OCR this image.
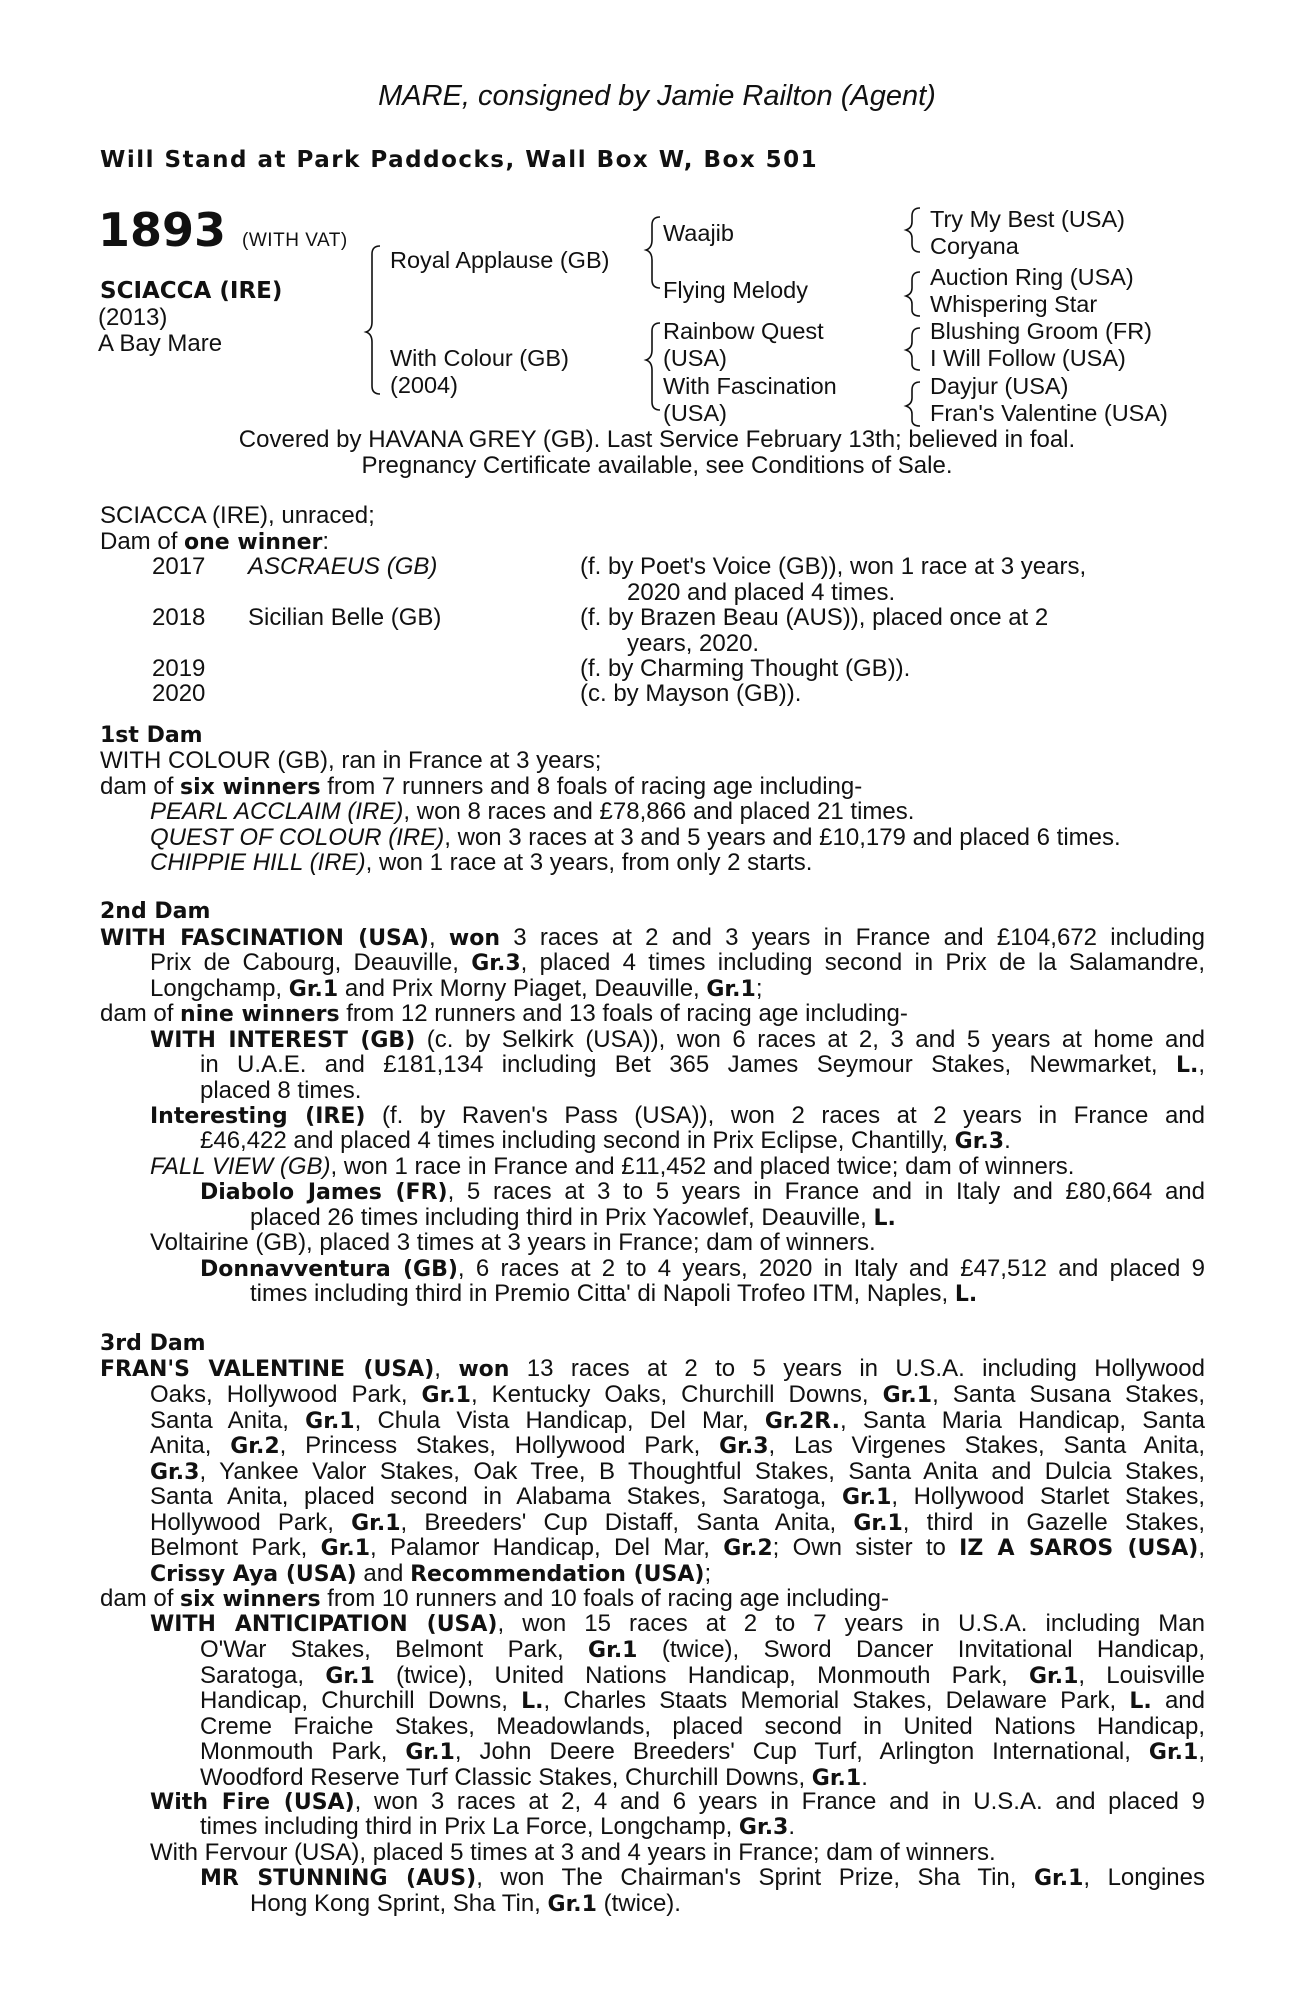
MARE, consigned by Jamie Railton (Agent)
Will Stand at Park Paddocks, Wall Box W, Box 501
1893 (WITH VAT)
SCIACCA (IRE)
(2013)
A Bay Mare
Royal Applause (GB)
With Colour (GB)
(2004)
Waajib
Flying Melody
Rainbow Quest
(USA)
With Fascination
(USA)
Try My Best (USA)
Coryana
Auction Ring (USA)
Whispering Star
Blushing Groom (FR)
I Will Follow (USA)
Dayjur (USA)
Fran's Valentine (USA)
Covered by HAVANA GREY (GB). Last Service February 13th; believed in foal.
Pregnancy Certificate available, see Conditions of Sale.
SCIACCA (IRE), unraced;
Dam of one winner:
2017 ASCRAEUS (GB)	(f. by Poet's Voice (GB)), won 1 race at 3 years,
2020 and placed 4 times.
2018 Sicilian Belle (GB)	(f. by Brazen Beau (AUS)), placed once at 2
years, 2020.
2019	(f. by Charming Thought (GB)).
2020	(c. by Mayson (GB)).
1st Dam
WITH COLOUR (GB), ran in France at 3 years;
dam of six winners from 7 runners and 8 foals of racing age including-
PEARL ACCLAIM (IRE), won 8 races and £78,866 and placed 21 times.
QUEST OF COLOUR (IRE), won 3 races at 3 and 5 years and £10,179 and placed 6 times.
CHIPPIE HILL (IRE), won 1 race at 3 years, from only 2 starts.
2nd Dam
WITH FASCINATION (USA), won 3 races at 2 and 3 years in France and £104,672 including
Prix de Cabourg, Deauville, Gr.3, placed 4 times including second in Prix de la Salamandre,
Longchamp, Gr.1 and Prix Morny Piaget, Deauville, Gr.1;
dam of nine winners from 12 runners and 13 foals of racing age including-
WITH INTEREST (GB) (c. by Selkirk (USA)), won 6 races at 2, 3 and 5 years at home and
in U.A.E. and £181,134 including Bet 365 James Seymour Stakes, Newmarket, L.,
placed 8 times.
Interesting (IRE) (f. by Raven's Pass (USA)), won 2 races at 2 years in France and
£46,422 and placed 4 times including second in Prix Eclipse, Chantilly, Gr.3.
FALL VIEW (GB), won 1 race in France and £11,452 and placed twice; dam of winners.
Diabolo James (FR), 5 races at 3 to 5 years in France and in Italy and £80,664 and
placed 26 times including third in Prix Yacowlef, Deauville, L.
Voltairine (GB), placed 3 times at 3 years in France; dam of winners.
Donnavventura (GB), 6 races at 2 to 4 years, 2020 in Italy and £47,512 and placed 9
times including third in Premio Citta' di Napoli Trofeo ITM, Naples, L.
3rd Dam
FRAN'S VALENTINE (USA), won 13 races at 2 to 5 years in U.S.A. including Hollywood
Oaks, Hollywood Park, Gr.1, Kentucky Oaks, Churchill Downs, Gr.1, Santa Susana Stakes,
Santa Anita, Gr.1, Chula Vista Handicap, Del Mar, Gr.2R., Santa Maria Handicap, Santa
Anita, Gr.2, Princess Stakes, Hollywood Park, Gr.3, Las Virgenes Stakes, Santa Anita,
Gr.3, Yankee Valor Stakes, Oak Tree, B Thoughtful Stakes, Santa Anita and Dulcia Stakes,
Santa Anita, placed second in Alabama Stakes, Saratoga, Gr.1, Hollywood Starlet Stakes,
Hollywood Park, Gr.1, Breeders' Cup Distaff, Santa Anita, Gr.1, third in Gazelle Stakes,
Belmont Park, Gr.1, Palamor Handicap, Del Mar, Gr.2; Own sister to IZ A SAROS (USA),
Crissy Aya (USA) and Recommendation (USA);
dam of six winners from 10 runners and 10 foals of racing age including-
WITH ANTICIPATION (USA), won 15 races at 2 to 7 years in U.S.A. including Man
O'War Stakes, Belmont Park, Gr.1 (twice), Sword Dancer Invitational Handicap,
Saratoga, Gr.1 (twice), United Nations Handicap, Monmouth Park, Gr.1, Louisville
Handicap, Churchill Downs, L., Charles Staats Memorial Stakes, Delaware Park, L. and
Creme Fraiche Stakes, Meadowlands, placed second in United Nations Handicap,
Monmouth Park, Gr.1, John Deere Breeders' Cup Turf, Arlington International, Gr.1,
Woodford Reserve Turf Classic Stakes, Churchill Downs, Gr.1.
With Fire (USA), won 3 races at 2, 4 and 6 years in France and in U.S.A. and placed 9
times including third in Prix La Force, Longchamp, Gr.3.
With Fervour (USA), placed 5 times at 3 and 4 years in France; dam of winners.
MR STUNNING (AUS), won The Chairman's Sprint Prize, Sha Tin, Gr.1, Longines
Hong Kong Sprint, Sha Tin, Gr.1 (twice).
